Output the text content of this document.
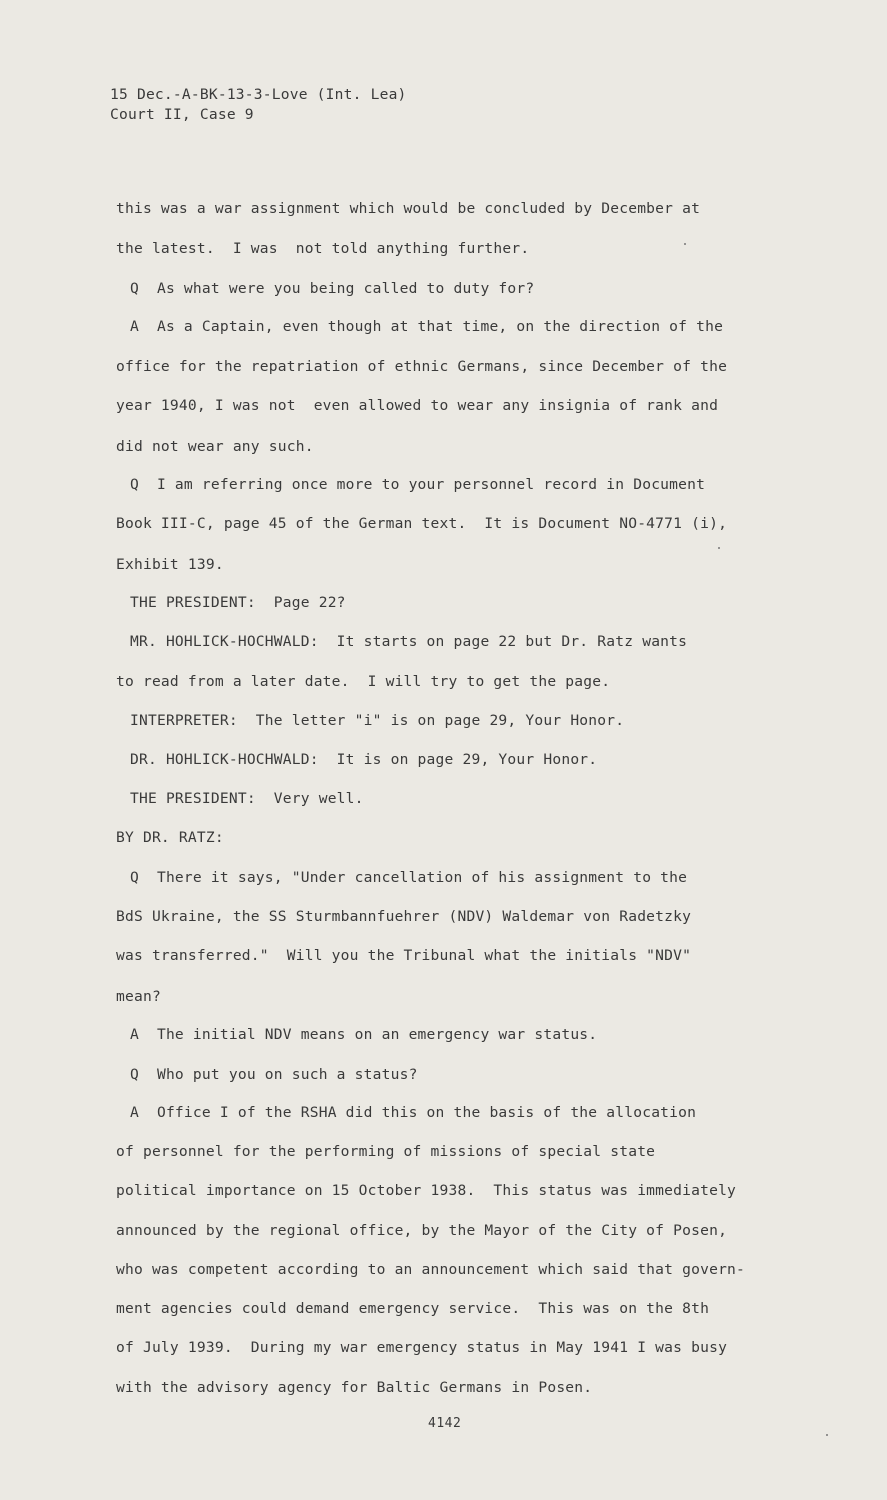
15 Dec.-A-BK-13-3-Love (Int. Lea)
Court II, Case 9
this was a war assignment which would be concluded by December at
the latest.  I was  not told anything further.
Q  As what were you being called to duty for?
A  As a Captain, even though at that time, on the direction of the
office for the repatriation of ethnic Germans, since December of the
year 1940, I was not  even allowed to wear any insignia of rank and
did not wear any such.
Q  I am referring once more to your personnel record in Document
Book III-C, page 45 of the German text.  It is Document NO-4771 (i),
Exhibit 139.
THE PRESIDENT:  Page 22?
MR. HOHLICK-HOCHWALD:  It starts on page 22 but Dr. Ratz wants
to read from a later date.  I will try to get the page.
INTERPRETER:  The letter "i" is on page 29, Your Honor.
DR. HOHLICK-HOCHWALD:  It is on page 29, Your Honor.
THE PRESIDENT:  Very well.
BY DR. RATZ:
Q  There it says, "Under cancellation of his assignment to the
BdS Ukraine, the SS Sturmbannfuehrer (NDV) Waldemar von Radetzky
was transferred."  Will you the Tribunal what the initials "NDV"
mean?
A  The initial NDV means on an emergency war status.
Q  Who put you on such a status?
A  Office I of the RSHA did this on the basis of the allocation
of personnel for the performing of missions of special state
political importance on 15 October 1938.  This status was immediately
announced by the regional office, by the Mayor of the City of Posen,
who was competent according to an announcement which said that govern-
ment agencies could demand emergency service.  This was on the 8th
of July 1939.  During my war emergency status in May 1941 I was busy
with the advisory agency for Baltic Germans in Posen.
4142
